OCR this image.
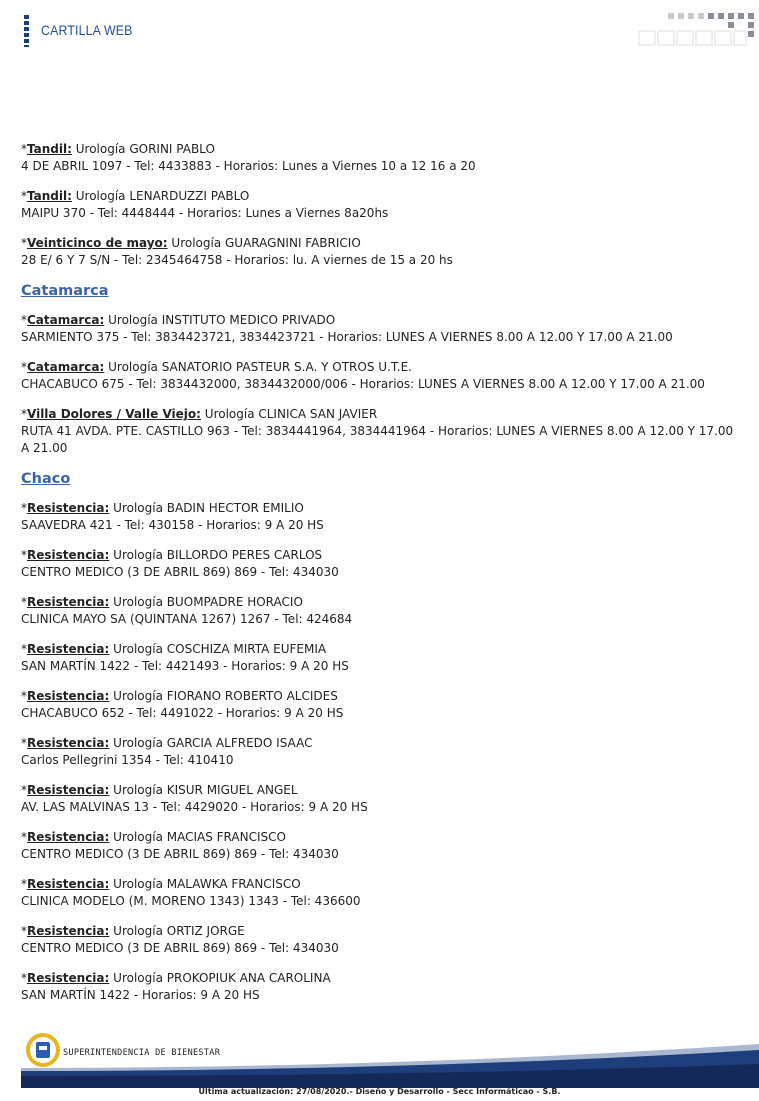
CARTILLA WEB
*Tandil: Urología GORINI PABLO
4 DE ABRIL 1097 - Tel: 4433883 - Horarios: Lunes a Viernes 10 a 12 16 a 20
*Tandil: Urología LENARDUZZI PABLO
MAIPU 370 - Tel: 4448444 - Horarios: Lunes a Viernes 8a20hs
*Veinticinco de mayo: Urología GUARAGNINI FABRICIO
28 E/ 6 Y 7 S/N - Tel: 2345464758 - Horarios: lu. A viernes de 15 a 20 hs
Catamarca
*Catamarca: Urología INSTITUTO MEDICO PRIVADO
SARMIENTO 375 - Tel: 3834423721, 3834423721 - Horarios: LUNES A VIERNES 8.00 A 12.00 Y 17.00 A 21.00
*Catamarca: Urología SANATORIO PASTEUR S.A. Y OTROS U.T.E.
CHACABUCO 675 - Tel: 3834432000, 3834432000/006 - Horarios: LUNES A VIERNES 8.00 A 12.00 Y 17.00 A 21.00
*Villa Dolores / Valle Viejo: Urología CLINICA SAN JAVIER
RUTA 41 AVDA. PTE. CASTILLO 963 - Tel: 3834441964, 3834441964 - Horarios: LUNES A VIERNES 8.00 A 12.00 Y 17.00 A 21.00
Chaco
*Resistencia: Urología BADIN HECTOR EMILIO
SAAVEDRA 421 - Tel: 430158 - Horarios: 9 A 20 HS
*Resistencia: Urología BILLORDO PERES CARLOS
CENTRO MEDICO (3 DE ABRIL 869) 869 - Tel: 434030
*Resistencia: Urología BUOMPADRE HORACIO
CLINICA MAYO SA (QUINTANA 1267) 1267 - Tel: 424684
*Resistencia: Urología COSCHIZA MIRTA EUFEMIA
SAN MARTÍN 1422 - Tel: 4421493 - Horarios: 9 A 20 HS
*Resistencia: Urología FIORANO ROBERTO ALCIDES
CHACABUCO 652 - Tel: 4491022 - Horarios: 9 A 20 HS
*Resistencia: Urología GARCIA ALFREDO ISAAC
Carlos Pellegrini 1354 - Tel: 410410
*Resistencia: Urología KISUR MIGUEL ANGEL
AV. LAS MALVINAS 13 - Tel: 4429020 - Horarios: 9 A 20 HS
*Resistencia: Urología MACIAS FRANCISCO
CENTRO MEDICO (3 DE ABRIL 869) 869 - Tel: 434030
*Resistencia: Urología MALAWKA FRANCISCO
CLINICA MODELO (M. MORENO 1343) 1343 - Tel: 436600
*Resistencia: Urología ORTIZ JORGE
CENTRO MEDICO (3 DE ABRIL 869) 869 - Tel: 434030
*Resistencia: Urología PROKOPIUK ANA CAROLINA
SAN MARTÍN 1422 - Horarios: 9 A 20 HS
SUPERINTENDENCIA DE BIENESTAR
Ultima actualización: 27/08/2020.- Diseño y Desarrollo - Secc Informáticao - S.B.
